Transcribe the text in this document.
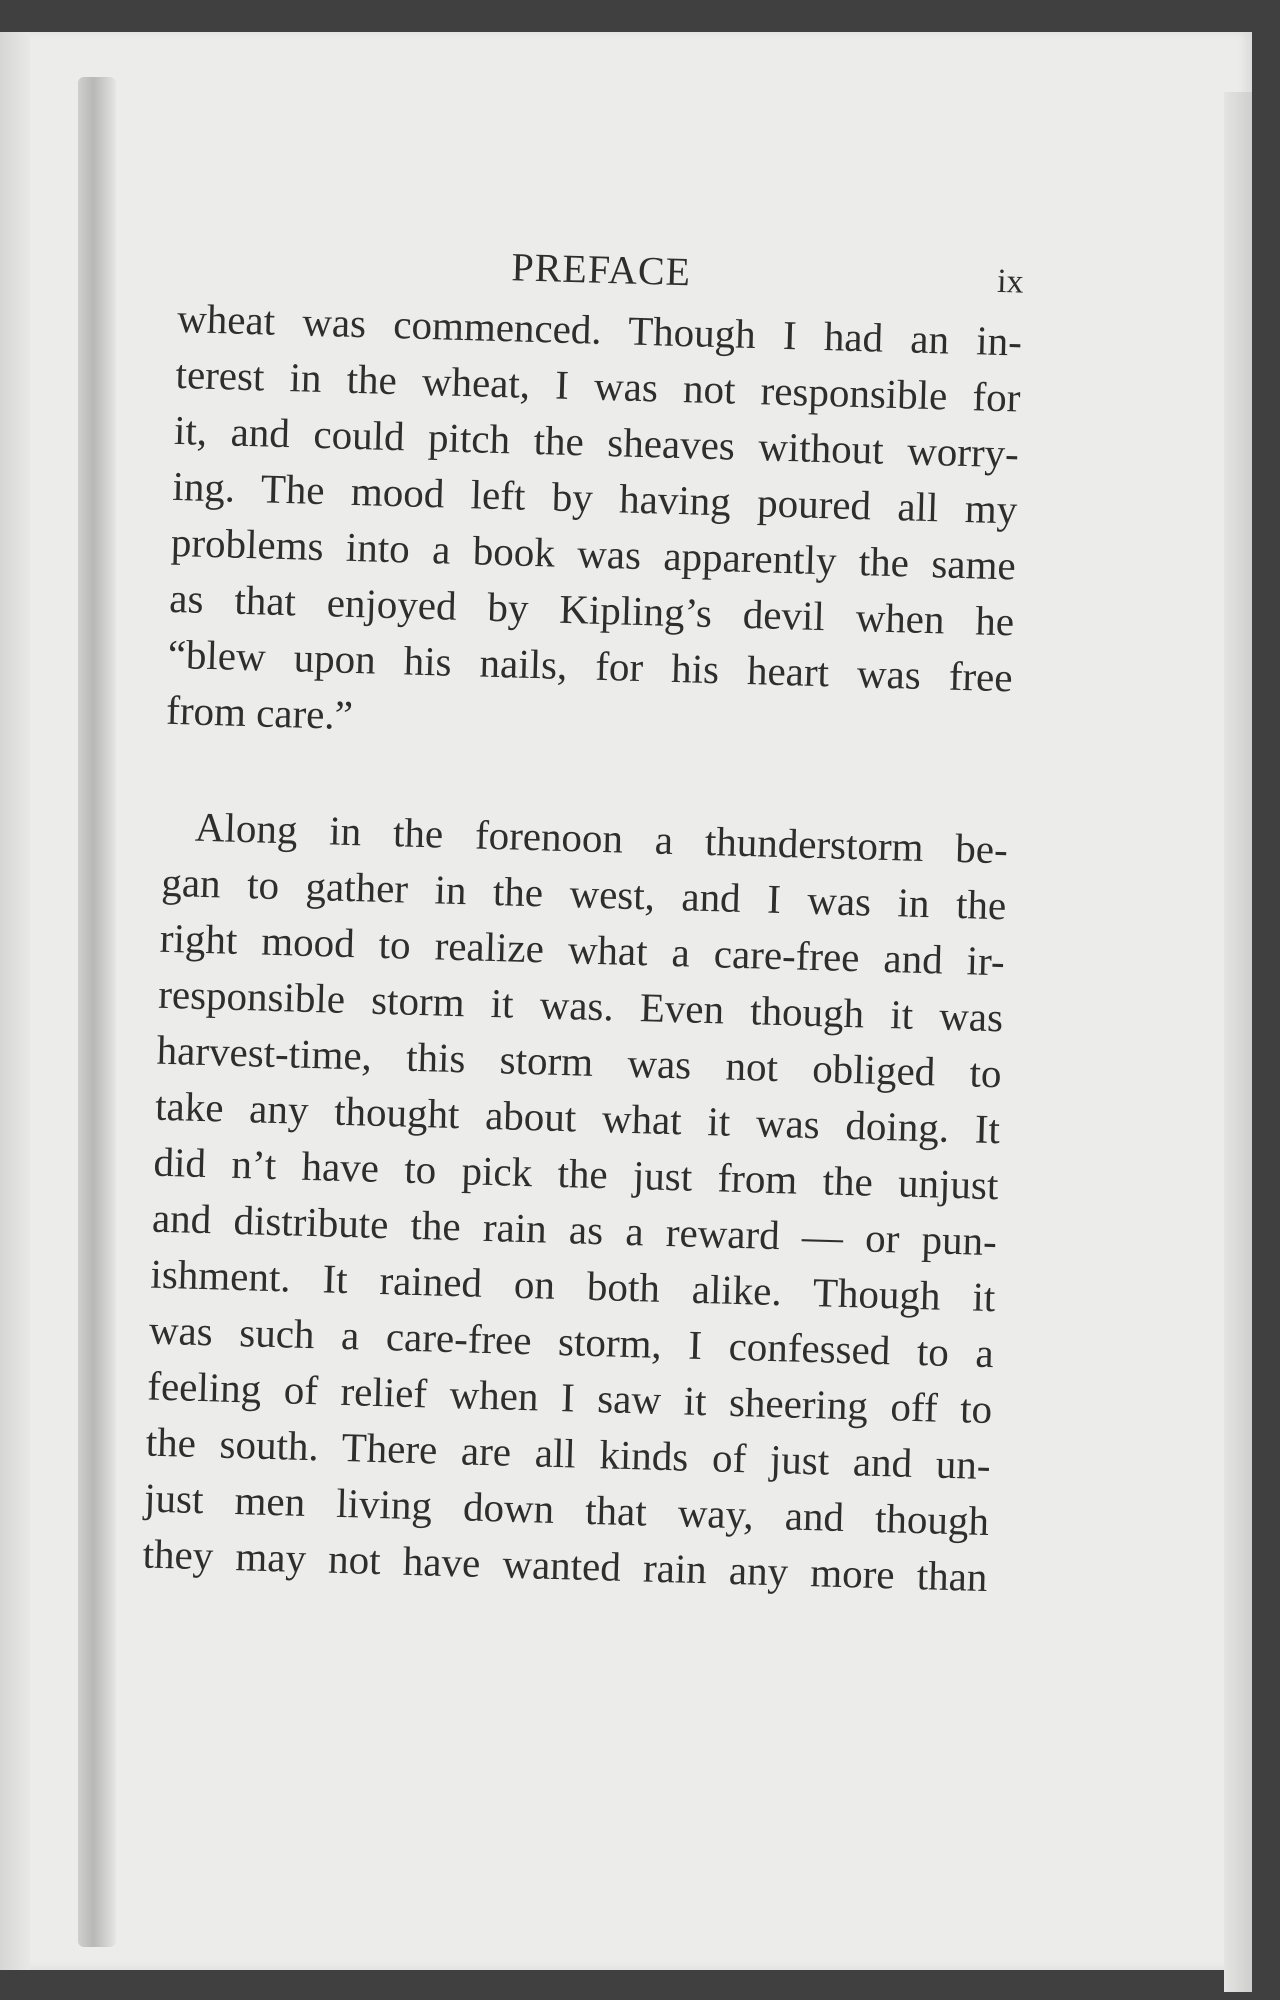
PREFACE	ix

wheat was commenced. Though I had an in-
terest in the wheat, I was not responsible for
it, and could pitch the sheaves without worry-
ing. The mood left by having poured all my
problems into a book was apparently the same
as that enjoyed by Kipling’s devil when he
“blew upon his nails, for his heart was free
from care.”

Along in the forenoon a thunderstorm be-
gan to gather in the west, and I was in the
right mood to realize what a care-free and ir-
responsible storm it was. Even though it was
harvest-time, this storm was not obliged to
take any thought about what it was doing. It
did n’t have to pick the just from the unjust
and distribute the rain as a reward — or pun-
ishment. It rained on both alike. Though it
was such a care-free storm, I confessed to a
feeling of relief when I saw it sheering off to
the south. There are all kinds of just and un-
just men living down that way, and though
they may not have wanted rain any more than
